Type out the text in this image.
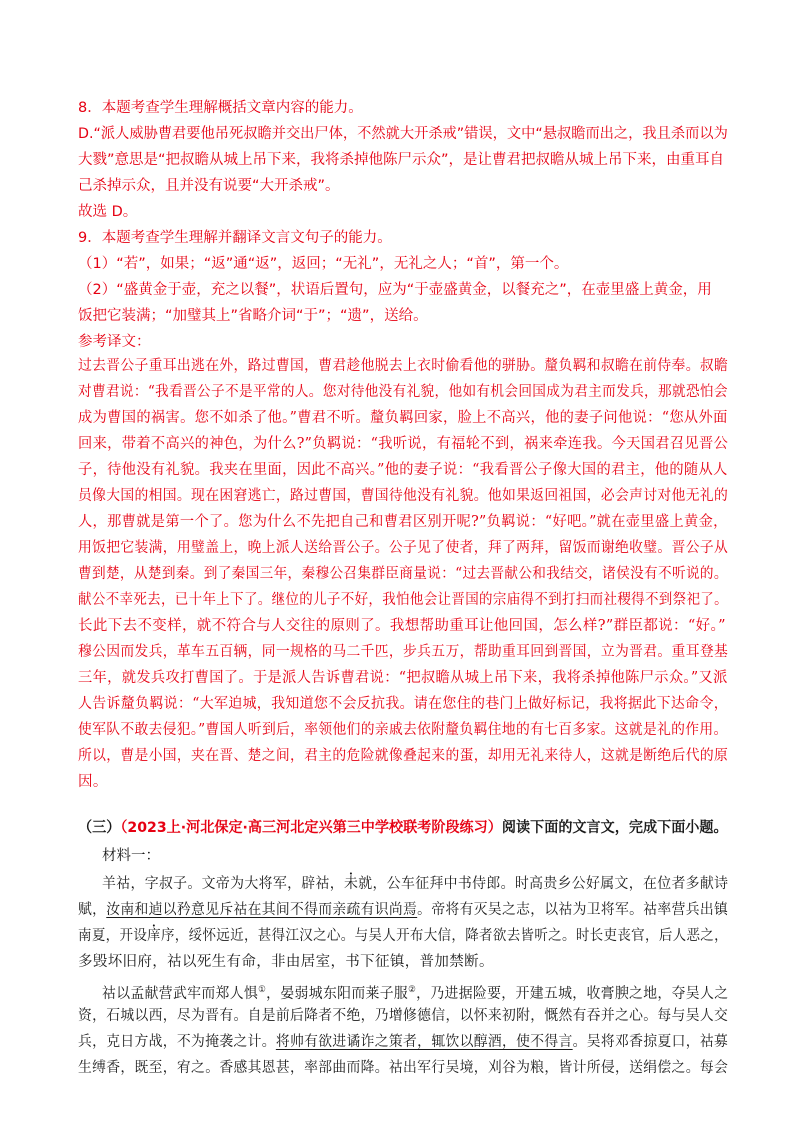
8．本题考查学生理解概括文章内容的能力。
D.“派人威胁曹君要他吊死叔瞻并交出尸体，不然就大开杀戒”错误，文中“悬叔瞻而出之，我且杀而以为
大戮”意思是“把叔瞻从城上吊下来，我将杀掉他陈尸示众”，是让曹君把叔瞻从城上吊下来，由重耳自
己杀掉示众，且并没有说要“大开杀戒”。
故选 D。
9．本题考查学生理解并翻译文言文句子的能力。
（1）“若”，如果；“返”通“返”，返回；“无礼”，无礼之人；“首”，第一个。
（2）“盛黄金于壶，充之以餐”，状语后置句，应为“于壶盛黄金，以餐充之”，在壶里盛上黄金，用
饭把它装满；“加璧其上”省略介词“于”；“遗”，送给。
参考译文：
过去晋公子重耳出逃在外，路过曹国，曹君趁他脱去上衣时偷看他的骈胁。釐负羁和叔瞻在前侍奉。叔瞻
对曹君说：“我看晋公子不是平常的人。您对待他没有礼貌，他如有机会回国成为君主而发兵，那就恐怕会
成为曹国的祸害。您不如杀了他。”曹君不听。釐负羁回家，脸上不高兴，他的妻子问他说：“您从外面
回来，带着不高兴的神色，为什么?”负羁说：“我听说，有福轮不到，祸来牵连我。今天国君召见晋公
子，待他没有礼貌。我夹在里面，因此不高兴。”他的妻子说：“我看晋公子像大国的君主，他的随从人
员像大国的相国。现在困窘逃亡，路过曹国，曹国待他没有礼貌。他如果返回祖国，必会声讨对他无礼的
人，那曹就是第一个了。您为什么不先把自己和曹君区别开呢?”负羁说：“好吧。”就在壶里盛上黄金，
用饭把它装满，用璧盖上，晚上派人送给晋公子。公子见了使者，拜了两拜，留饭而谢绝收璧。晋公子从
曹到楚，从楚到秦。到了秦国三年，秦穆公召集群臣商量说：“过去晋献公和我结交，诸侯没有不听说的。
献公不幸死去，已十年上下了。继位的儿子不好，我怕他会让晋国的宗庙得不到打扫而社稷得不到祭祀了。
长此下去不变样，就不符合与人交往的原则了。我想帮助重耳让他回国，怎么样?”群臣都说：“好。”
穆公因而发兵，革车五百辆，同一规格的马二千匹，步兵五万，帮助重耳回到晋国，立为晋君。重耳登基
三年，就发兵攻打曹国了。于是派人告诉曹君说：“把叔瞻从城上吊下来，我将杀掉他陈尸示众。”又派
人告诉釐负羁说：“大军迫城，我知道您不会反抗我。请在您住的巷门上做好标记，我将据此下达命令，
使军队不敢去侵犯。”曹国人听到后，率领他们的亲戚去依附釐负羁住地的有七百多家。这就是礼的作用。
所以，曹是小国，夹在晋、楚之间，君主的危险就像叠起来的蛋，却用无礼来待人，这就是断绝后代的原
因。
（三）（2023上·河北保定·高三河北定兴第三中学校联考阶段练习）阅读下面的文言文，完成下面小题。
材料一：
羊祜，字叔子。文帝为大将军，辟祜，未就，公车征拜中书侍郎。时高贵乡公好属文，在位者多献诗
赋，汝南和逌以矜意见斥祜在其间不得而亲疏有识尚焉。帝将有灭吴之志，以祜为卫将军。祜率营兵出镇
南夏，开设庠序，绥怀远近，甚得江汉之心。与吴人开布大信，降者欲去皆听之。时长吏丧官，后人恶之，
多毁坏旧府，祜以死生有命，非由居室，书下征镇，普加禁断。
祜以孟献营武牢而郑人惧①，晏弱城东阳而莱子服②，乃进据险要，开建五城，收膏腴之地，夺吴人之
资，石城以西，尽为晋有。自是前后降者不绝，乃增修德信，以怀来初附，慨然有吞并之心。每与吴人交
兵，克日方战，不为掩袭之计。将帅有欲进谲诈之策者，辄饮以醇酒，使不得言。吴将邓香掠夏口，祜募
生缚香，既至，宥之。香感其恩甚，率部曲而降。祜出军行吴境，刈谷为粮，皆计所侵，送绢偿之。每会
